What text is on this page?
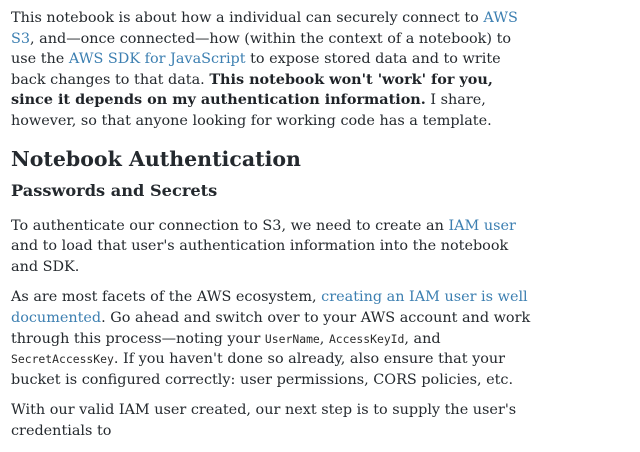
This notebook is about how a individual can securely connect to AWS S3, and—once connected—how (within the context of a notebook) to use the AWS SDK for JavaScript to expose stored data and to write back changes to that data. This notebook won't 'work' for you, since it depends on my authentication information. I share, however, so that anyone looking for working code has a template.

Notebook Authentication
Passwords and Secrets

To authenticate our connection to S3, we need to create an IAM user and to load that user's authentication information into the notebook and SDK.

As are most facets of the AWS ecosystem, creating an IAM user is well documented. Go ahead and switch over to your AWS account and work through this process—noting your UserName, AccessKeyId, and SecretAccessKey. If you haven't done so already, also ensure that your bucket is configured correctly: user permissions, CORS policies, etc.

With our valid IAM user created, our next step is to supply the user's credentials to
